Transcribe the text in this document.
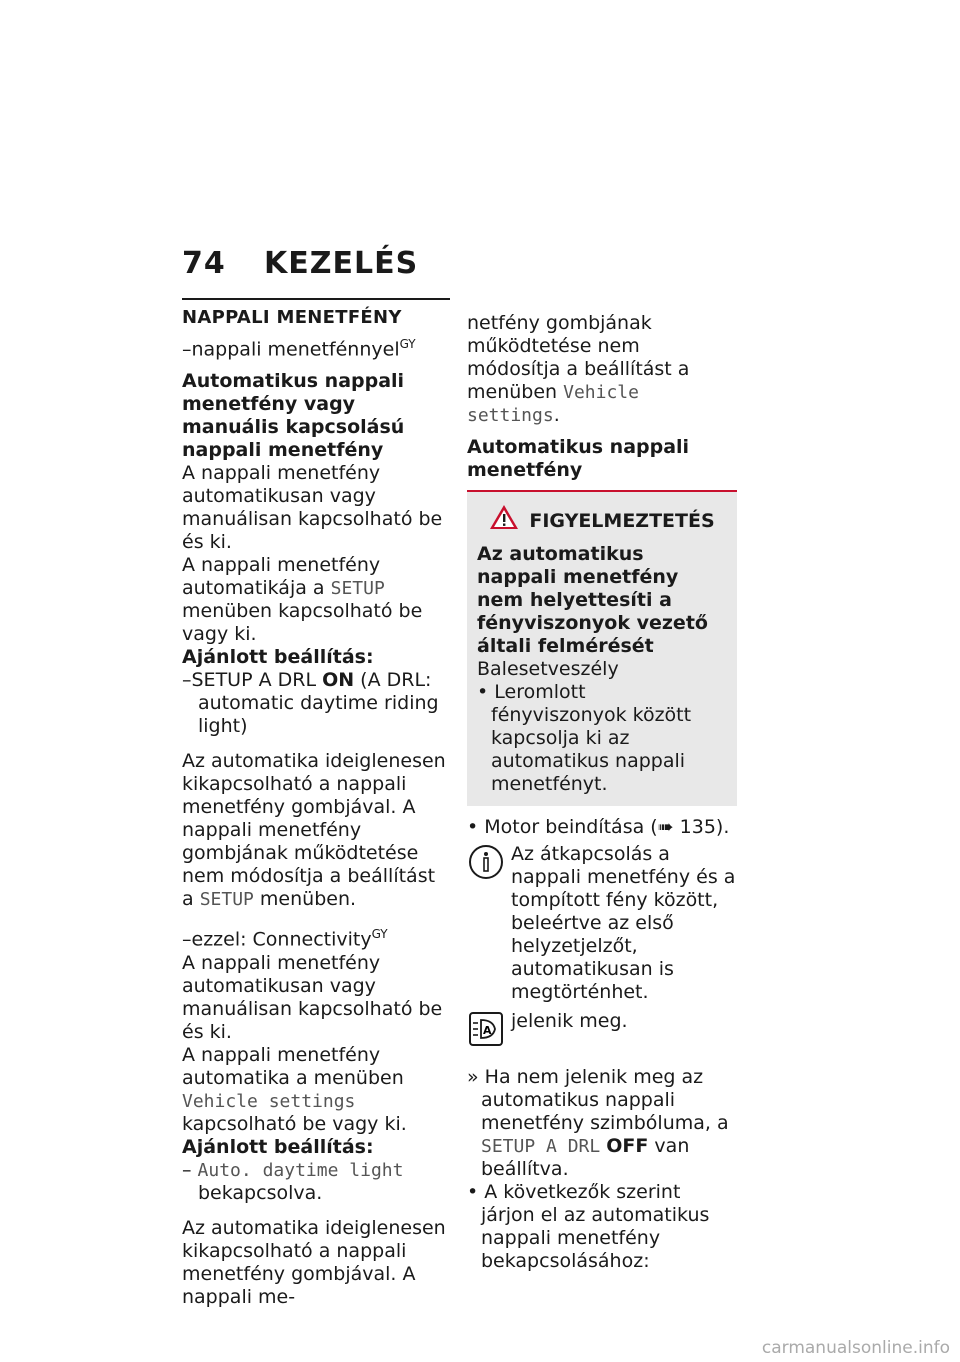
74 KEZELÉS
NAPPALI MENETFÉNY
–nappali menetfénnyel$^{GY}$
Automatikus nappali menetfény vagy manuális kapcsolású nappali menetfény

A nappali menetfény automatikusan vagy manuálisan kapcsolható be és ki.

A nappali menetfény automatikája a SETUP menüben kapcsolható be vagy ki.

Ajánlott beállítás:

–SETUP A DRL ON (A DRL: automatic daytime riding light)

Az automatika ideiglenesen kikapcsolható a nappali menetfény gombjával. A nappali menetfény gombjának működtetése nem módosítja a beállítást a SETUP menüben.

–ezzel: Connectivity$^{GY}$

A nappali menetfény automatikusan vagy manuálisan kapcsolható be és ki.

A nappali menetfény automatika a menüben Vehicle settings kapcsolható be vagy ki.

Ajánlott beállítás:

– Auto. daytime light bekapcsolva.

Az automatika ideiglenesen kikapcsolható a nappali menetfény gombjával. A nappali me-

netfény gombjának működtetése nem módosítja a beállítást a menüben Vehicle settings.

Automatikus nappali menetfény
FIGYELMEZTETÉS
Az automatikus nappali menetfény nem helyettesíti a fényviszonyok vezető általi felmérését
Balesetveszély
• Leromlott fényviszonyok között kapcsolja ki az automatikus nappali menetfényt.

• Motor beindítása (➠ 135).

Az átkapcsolás a nappali menetfény és a tompított fény között, beleértve az első helyzetjelzőt, automatikusan is megtörténhet.

A jelenik meg.

» Ha nem jelenik meg az automatikus nappali menetfény szimbóluma, a SETUP A DRL OFF van beállítva.

• A következők szerint járjon el az automatikus nappali menetfény bekapcsolásához:

carmanualsonline.info
